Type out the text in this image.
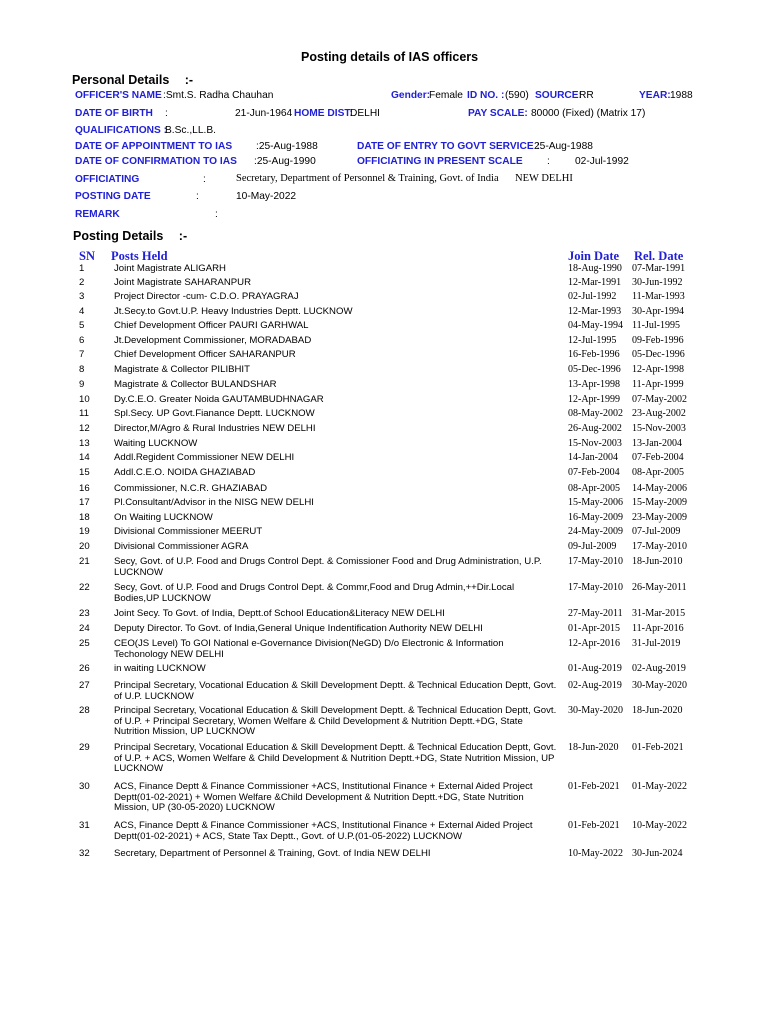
Posting details of IAS officers
Personal Details :-
OFFICER'S NAME :Smt.S. Radha Chauhan	Gender:
Female ID NO. : (590) SOURCE:
RR	YEAR: 1988
DATE OF BIRTH :	21-Jun-1964 HOME DIST:
DELHI	PAY SCALE: 80000 (Fixed) (Matrix 17)
QUALIFICATIONS :
B.Sc.,LL.B.
DATE OF APPOINTMENT TO IAS :25-Aug-1988	DATE OF ENTRY TO GOVT SERVICE :
25-Aug-1988
DATE OF CONFIRMATION TO IAS :25-Aug-1990	OFFICIATING IN PRESENT SCALE : 02-Jul-1992
OFFICIATING	:	Secretary, Department of Personnel & Training, Govt. of India NEW DELHI
POSTING DATE	:	10-May-2022
REMARK	:
Posting Details :-
SN Posts Held	Join Date Rel. Date
1	Joint Magistrate ALIGARH	18-Aug-1990 07-Mar-1991
2	Joint Magistrate SAHARANPUR	12-Mar-1991 30-Jun-1992
3	Project Director -cum- C.D.O. PRAYAGRAJ	02-Jul-1992 11-Mar-1993
4	Jt.Secy.to Govt.U.P. Heavy Industries Deptt. LUCKNOW	12-Mar-1993 30-Apr-1994
5	Chief Development Officer PAURI GARHWAL	04-May-1994 11-Jul-1995
6	Jt.Development Commissioner, MORADABAD	12-Jul-1995 09-Feb-1996
7	Chief Development Officer SAHARANPUR	16-Feb-1996 05-Dec-1996
8	Magistrate & Collector PILIBHIT	05-Dec-1996 12-Apr-1998
9	Magistrate & Collector BULANDSHAR	13-Apr-1998 11-Apr-1999
10	Dy.C.E.O. Greater Noida GAUTAMBUDHNAGAR	12-Apr-1999 07-May-2002
11	Spl.Secy. UP Govt.Fianance Deptt. LUCKNOW	08-May-2002 23-Aug-2002
12	Director,M/Agro & Rural Industries NEW DELHI	26-Aug-2002 15-Nov-2003
13	Waiting LUCKNOW	15-Nov-2003 13-Jan-2004
14	Addl.Regident Commissioner NEW DELHI	14-Jan-2004 07-Feb-2004
15	Addl.C.E.O. NOIDA GHAZIABAD	07-Feb-2004 08-Apr-2005
16	Commissioner, N.C.R. GHAZIABAD	08-Apr-2005 14-May-2006
17	Pl.Consultant/Advisor in the NISG NEW DELHI	15-May-2006 15-May-2009
18	On Waiting LUCKNOW	16-May-2009 23-May-2009
19	Divisional Commissioner MEERUT	24-May-2009 07-Jul-2009
20	Divisional Commissioner AGRA	09-Jul-2009 17-May-2010
21	Secy, Govt. of U.P. Food and Drugs Control Dept. & Comissioner Food and Drug Administration, U.P. LUCKNOW
17-May-2010 18-Jun-2010
22	Secy, Govt. of U.P. Food and Drugs Control Dept. & Commr,Food and Drug Admin,++Dir.Local Bodies,UP LUCKNOW
17-May-2010 26-May-2011
23	Joint Secy. To Govt. of India, Deptt.of School Education&Literacy NEW DELHI	27-May-2011 31-Mar-2015
24	Deputy Director. To Govt. of India,General Unique Indentification Authority NEW DELHI	01-Apr-2015 11-Apr-2016
25	CEO(JS Level) To GOI National e-Governance Division(NeGD) D/o Electronic & Information Techonology NEW DELHI
12-Apr-2016 31-Jul-2019
26	in waiting LUCKNOW	01-Aug-2019 02-Aug-2019
27	Principal Secretary, Vocational Education & Skill Development Deptt. & Technical Education Deptt, Govt. of U.P. LUCKNOW
02-Aug-2019 30-May-2020
28	Principal Secretary, Vocational Education & Skill Development Deptt. & Technical Education Deptt, Govt. of U.P. + Principal Secretary, Women Welfare & Child Development & Nutrition Deptt.+DG, State Nutrition Mission, UP LUCKNOW
30-May-2020 18-Jun-2020
29	Principal Secretary, Vocational Education & Skill Development Deptt. & Technical Education Deptt, Govt. of U.P. + ACS, Women Welfare & Child Development & Nutrition Deptt.+DG, State Nutrition Mission, UP LUCKNOW
18-Jun-2020 01-Feb-2021
30	ACS, Finance Deptt & Finance Commissioner +ACS, Institutional Finance + External Aided Project Deptt(01-02-2021) + Women Welfare &Child Development & Nutrition Deptt.+DG, State Nutrition Mission, UP (30-05-2020) LUCKNOW
01-Feb-2021 01-May-2022
31	ACS, Finance Deptt & Finance Commissioner +ACS, Institutional Finance + External Aided Project Deptt(01-02-2021) + ACS, State Tax Deptt., Govt. of U.P.(01-05-2022) LUCKNOW
01-Feb-2021 10-May-2022
32	Secretary, Department of Personnel & Training, Govt. of India NEW DELHI	10-May-2022 30-Jun-2024
